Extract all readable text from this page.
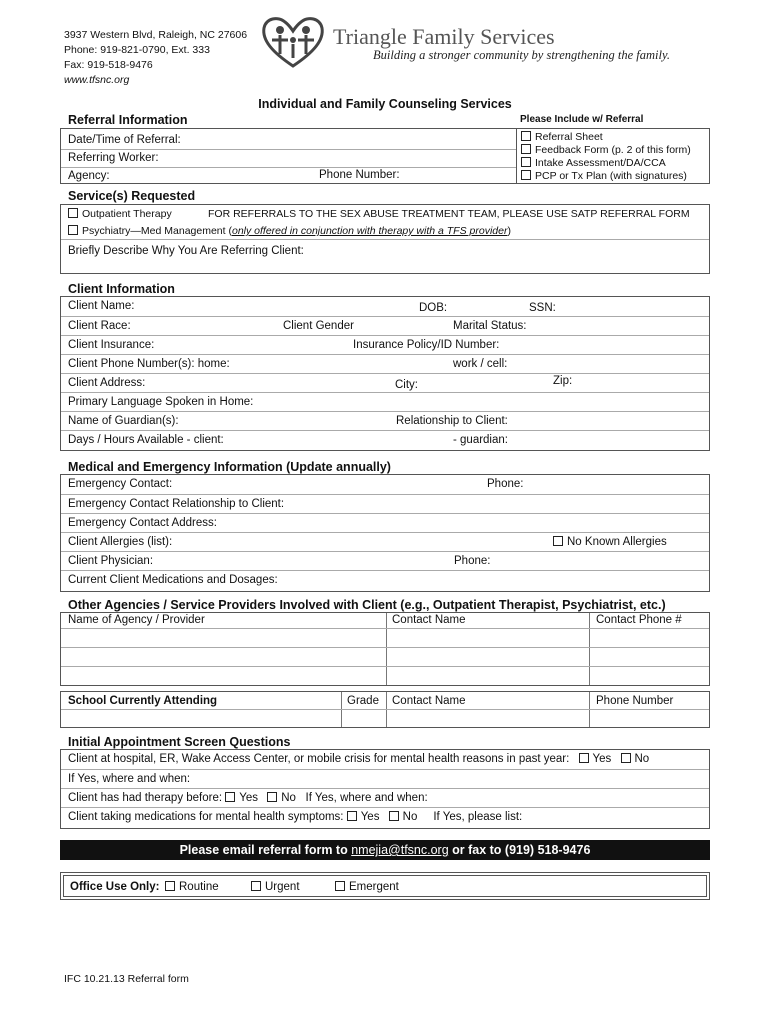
3937 Western Blvd, Raleigh, NC 27606
Phone: 919-821-0790, Ext. 333
Fax: 919-518-9476
www.tfsnc.org
Triangle Family Services
Building a stronger community by strengthening the family.
Individual and Family Counseling Services
Referral Information
Date/Time of Referral:
Referring Worker:
Agency:	Phone Number:
Please Include w/ Referral
Referral Sheet
Feedback Form (p. 2 of this form)
Intake Assessment/DA/CCA
PCP or Tx Plan (with signatures)
Service(s) Requested
Outpatient Therapy	FOR REFERRALS TO THE SEX ABUSE TREATMENT TEAM, PLEASE USE SATP REFERRAL FORM
Psychiatry—Med Management (only offered in conjunction with therapy with a TFS provider)
Briefly Describe Why You Are Referring Client:
Client Information
Client Name:	DOB:	SSN:
Client Race:	Client Gender	Marital Status:
Client Insurance:	Insurance Policy/ID Number:
Client Phone Number(s): home:	work / cell:
Client Address:	City:	Zip:
Primary Language Spoken in Home:
Name of Guardian(s):	Relationship to Client:
Days / Hours Available - client:	- guardian:
Medical and Emergency Information (Update annually)
Emergency Contact:	Phone:
Emergency Contact Relationship to Client:
Emergency Contact Address:
Client Allergies (list):	No Known Allergies
Client Physician:	Phone:
Current Client Medications and Dosages:
Other Agencies / Service Providers Involved with Client (e.g., Outpatient Therapist, Psychiatrist, etc.)
Name of Agency / Provider	Contact Name	Contact Phone #
School Currently Attending	Grade Contact Name	Phone Number
Initial Appointment Screen Questions
Client at hospital, ER, Wake Access Center, or mobile crisis for mental health reasons in past year: Yes No
If Yes, where and when:
Client has had therapy before: Yes No If Yes, where and when:
Client taking medications for mental health symptoms: Yes No If Yes, please list:
Please email referral form to nmejia@tfsnc.org or fax to (919) 518-9476
Office Use Only:	Routine	Urgent	Emergent
IFC 10.21.13 Referral form
